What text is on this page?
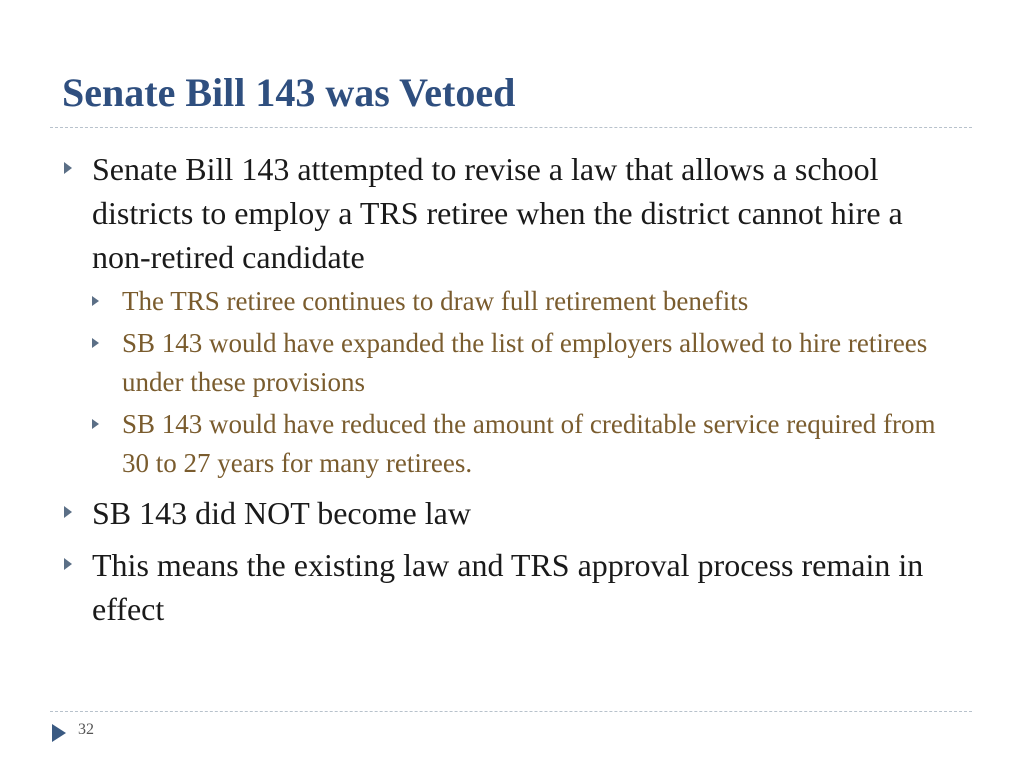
Senate Bill 143 was Vetoed
Senate Bill 143 attempted to revise a law that allows a school districts to employ a TRS retiree when the district cannot hire a non-retired candidate
The TRS retiree continues to draw full retirement benefits
SB 143 would have expanded the list of employers allowed to hire retirees under these provisions
SB 143 would have reduced the amount of creditable service required from 30 to 27 years for many retirees.
SB 143 did NOT become law
This means the existing law and TRS approval process remain in effect
32
